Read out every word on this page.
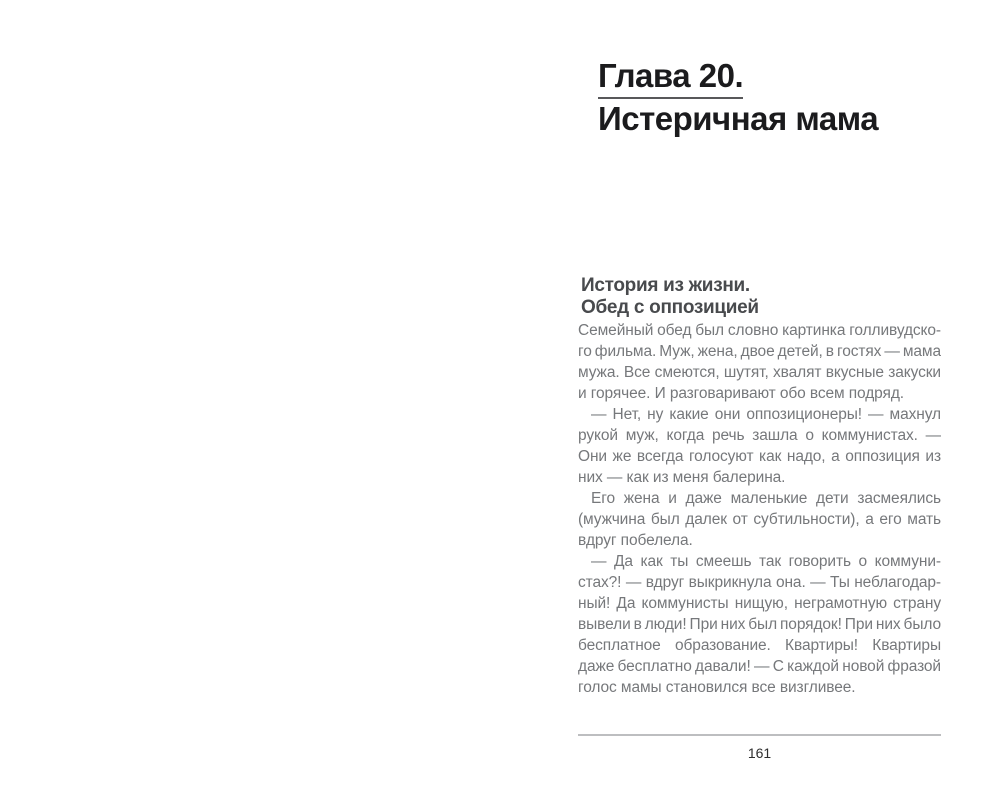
Глава 20.
Истеричная мама
История из жизни.
Обед с оппозицией
Семейный обед был словно картинка голливудско-
го фильма. Муж, жена, двое детей, в гостях — мама
мужа. Все смеются, шутят, хвалят вкусные закуски
и горячее. И разговаривают обо всем подряд.
— Нет, ну какие они оппозиционеры! — махнул
рукой муж, когда речь зашла о коммунистах. —
Они же всегда голосуют как надо, а оппозиция из
них — как из меня балерина.
Его жена и даже маленькие дети засмеялись
(мужчина был далек от субтильности), а его мать
вдруг побелела.
— Да как ты смеешь так говорить о коммуни-
стах?! — вдруг выкрикнула она. — Ты неблагодар-
ный! Да коммунисты нищую, неграмотную страну
вывели в люди! При них был порядок! При них было
бесплатное образование. Квартиры! Квартиры
даже бесплатно давали! — С каждой новой фразой
голос мамы становился все визгливее.
161
